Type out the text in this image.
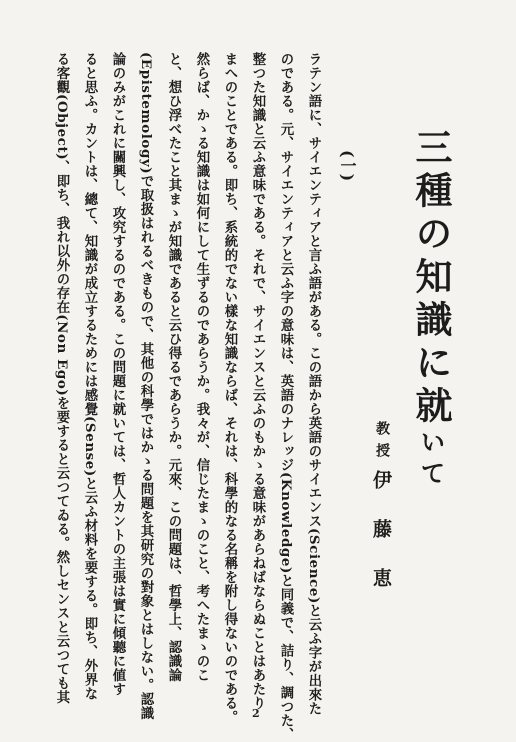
三種の知識に就いて
教授
伊藤恵
(一)
ラテン語に、サイエンティアと言ふ語がある。この語から英語のサイエンス(Science)と云ふ字が出來た
のである。元、サイエンティアと云ふ字の意味は、英語のナレッジ(Knowledge)と同義で、詰り、調つた、
整つた知識と云ふ意味である。それで、サイエンスと云ふのもかゝる意味があらねばならぬことはあたり
まへのことである。即ち、系統的でない樣な知識ならば、それは、科學的なる名稱を附し得ないのである。
然らば、かゝる知識は如何にして生ずるのであらうか。我々が、信じたまゝのこと、考へたまゝのこ
と、想ひ浮べたこと其まゝが知識であると云ひ得るであらうか。元來、この問題は、哲學上、認識論
(Epistemology)で取扱はれるべきもので、其他の科學ではかゝる問題を其研究の對象とはしない。認識
論のみがこれに關興し、攻究するのである。この問題に就いては、哲人カントの主張は實に傾聽に値す
ると思ふ。カントは、總て、知識が成立するためには感覺(Sense)と云ふ材料を要する。即ち、外界な
る客觀(Object)、即ち、我れ以外の存在(Non Ego)を要すると云つてゐる。然しセンスと云つても其
2
